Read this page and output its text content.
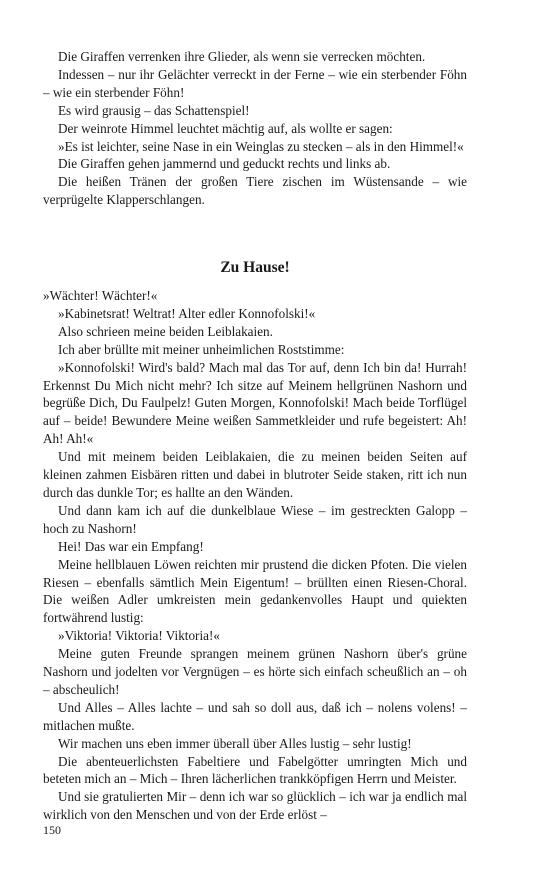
Die Giraffen verrenken ihre Glieder, als wenn sie verrecken möchten.

Indessen – nur ihr Gelächter verreckt in der Ferne – wie ein sterbender Föhn – wie ein sterbender Föhn!

Es wird grausig – das Schattenspiel!

Der weinrote Himmel leuchtet mächtig auf, als wollte er sagen:

»Es ist leichter, seine Nase in ein Weinglas zu stecken – als in den Himmel!«

Die Giraffen gehen jammernd und geduckt rechts und links ab.

Die heißen Tränen der großen Tiere zischen im Wüstensande – wie verprügelte Klapperschlangen.

Zu Hause!

»Wächter! Wächter!«

»Kabinetsrat! Weltrat! Alter edler Konnofolski!«

Also schrieen meine beiden Leiblakaien.

Ich aber brüllte mit meiner unheimlichen Roststimme:

»Konnofolski! Wird's bald? Mach mal das Tor auf, denn Ich bin da! Hurrah! Erkennst Du Mich nicht mehr? Ich sitze auf Meinem hellgrünen Nashorn und begrüße Dich, Du Faulpelz! Guten Morgen, Konnofolski! Mach beide Torflügel auf – beide! Bewundere Meine weißen Sammetkleider und rufe begeistert: Ah! Ah! Ah!«

Und mit meinem beiden Leiblakaien, die zu meinen beiden Seiten auf kleinen zahmen Eisbären ritten und dabei in blutroter Seide staken, ritt ich nun durch das dunkle Tor; es hallte an den Wänden.

Und dann kam ich auf die dunkelblaue Wiese – im gestreckten Galopp – hoch zu Nashorn!

Hei! Das war ein Empfang!

Meine hellblauen Löwen reichten mir prustend die dicken Pfoten. Die vielen Riesen – ebenfalls sämtlich Mein Eigentum! – brüllten einen Riesen-Choral. Die weißen Adler umkreisten mein gedankenvolles Haupt und quiekten fortwährend lustig:

»Viktoria! Viktoria! Viktoria!«

Meine guten Freunde sprangen meinem grünen Nashorn über's grüne Nashorn und jodelten vor Vergnügen – es hörte sich einfach scheußlich an – oh – abscheulich!

Und Alles – Alles lachte – und sah so doll aus, daß ich – nolens volens! – mitlachen mußte.

Wir machen uns eben immer überall über Alles lustig – sehr lustig!

Die abenteuerlichsten Fabeltiere und Fabelgötter umringten Mich und beteten mich an – Mich – Ihren lächerlichen trankköpfigen Herrn und Meister.

Und sie gratulierten Mir – denn ich war so glücklich – ich war ja endlich mal wirklich von den Menschen und von der Erde erlöst –

150
